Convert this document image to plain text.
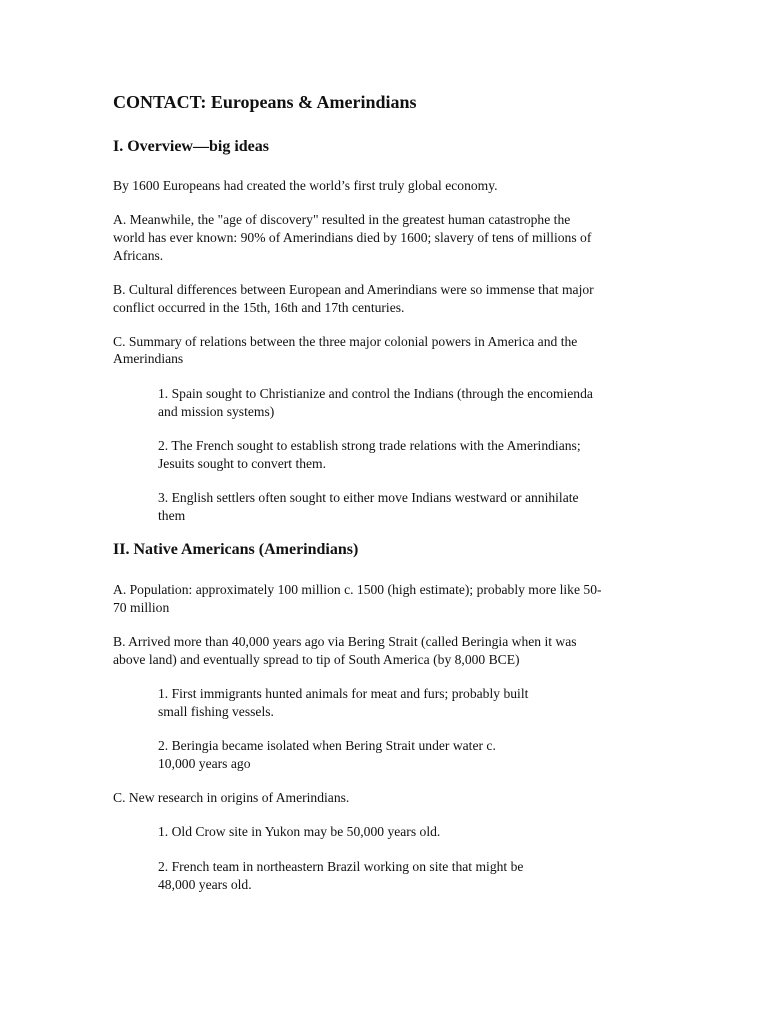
CONTACT: Europeans & Amerindians
I. Overview—big ideas

By 1600 Europeans had created the world’s first truly global economy.

A. Meanwhile, the "age of discovery" resulted in the greatest human catastrophe the

world has ever known: 90% of Amerindians died by 1600; slavery of tens of millions of

Africans.

B. Cultural differences between European and Amerindians were so immense that major

conflict occurred in the 15th, 16th and 17th centuries.

C. Summary of relations between the three major colonial powers in America and the

Amerindians

1. Spain sought to Christianize and control the Indians (through the encomienda

and mission systems)

2. The French sought to establish strong trade relations with the Amerindians;

Jesuits sought to convert them.

3. English settlers often sought to either move Indians westward or annihilate

them

II. Native Americans (Amerindians)

A. Population: approximately 100 million c. 1500 (high estimate); probably more like 50-

70 million

B. Arrived more than 40,000 years ago via Bering Strait (called Beringia when it was

above land) and eventually spread to tip of South America (by 8,000 BCE)

1. First immigrants hunted animals for meat and furs; probably built

small fishing vessels.

2. Beringia became isolated when Bering Strait under water c.

10,000 years ago

C. New research in origins of Amerindians.

1. Old Crow site in Yukon may be 50,000 years old.

2. French team in northeastern Brazil working on site that might be

48,000 years old.
